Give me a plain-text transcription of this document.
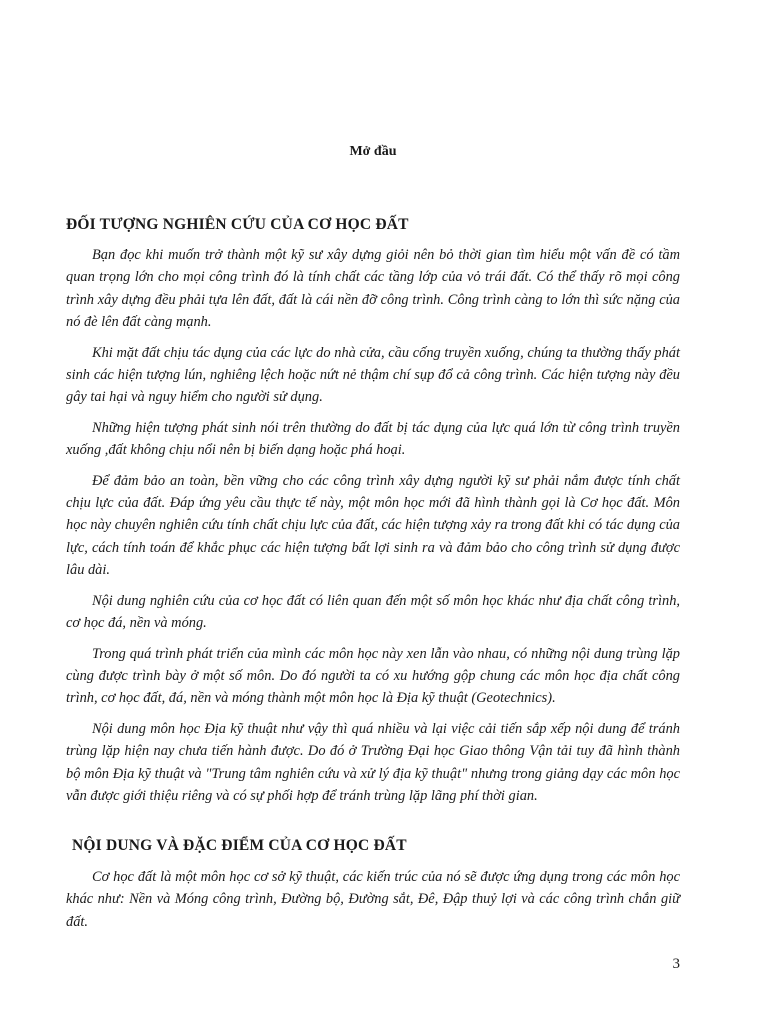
Mở đầu
ĐỐI TƯỢNG NGHIÊN CỨU CỦA CƠ HỌC ĐẤT

Bạn đọc khi muốn trở thành một kỹ sư xây dựng giỏi nên bỏ thời gian tìm hiểu một vấn đề có tầm quan trọng lớn cho mọi công trình đó là tính chất các tầng lớp của vỏ trái đất. Có thể thấy rõ mọi công trình xây dựng đều phải tựa lên đất, đất là cái nền đỡ công trình. Công trình càng to lớn thì sức nặng của nó đè lên đất càng mạnh.

Khi mặt đất chịu tác dụng của các lực do nhà cửa, cầu cống truyền xuống, chúng ta thường thấy phát sinh các hiện tượng lún, nghiêng lệch hoặc nứt nẻ thậm chí sụp đổ cả công trình. Các hiện tượng này đều gây tai hại và nguy hiểm cho người sử dụng.

Những hiện tượng phát sinh nói trên thường do đất bị tác dụng của lực quá lớn từ công trình truyền xuống ,đất không chịu nổi nên bị biến dạng hoặc phá hoại.

Để đảm bảo an toàn, bền vững cho các công trình xây dựng người kỹ sư phải nắm được tính chất chịu lực của đất. Đáp ứng yêu cầu thực tế này, một môn học mới đã hình thành gọi là Cơ học đất. Môn học này chuyên nghiên cứu tính chất chịu lực của đất, các hiện tượng xảy ra trong đất khi có tác dụng của lực, cách tính toán để khắc phục các hiện tượng bất lợi sinh ra và đảm bảo cho công trình sử dụng được lâu dài.

Nội dung nghiên cứu của cơ học đất có liên quan đến một số môn học khác như địa chất công trình, cơ học đá, nền và móng.

Trong quá trình phát triển của mình các môn học này xen lẫn vào nhau, có những nội dung trùng lặp cùng được trình bày ở một số môn. Do đó người ta có xu hướng gộp chung các môn học địa chất công trình, cơ học đất, đá, nền và móng thành một môn học là Địa kỹ thuật (Geotechnics).

Nội dung môn học Địa kỹ thuật như vậy thì quá nhiều và lại việc cải tiến sắp xếp nội dung để tránh trùng lặp hiện nay chưa tiến hành được. Do đó ở Trường Đại học Giao thông Vận tải tuy đã hình thành bộ môn Địa kỹ thuật và "Trung tâm nghiên cứu và xử lý địa kỹ thuật" nhưng trong giảng dạy các môn học vẫn được giới thiệu riêng và có sự phối hợp để tránh trùng lặp lãng phí thời gian.

NỘI DUNG VÀ ĐẶC ĐIỂM CỦA CƠ HỌC ĐẤT

Cơ học đất là một môn học cơ sở kỹ thuật, các kiến trúc của nó sẽ được ứng dụng trong các môn học khác như: Nền và Móng công trình, Đường bộ, Đường sắt, Đê, Đập thuỷ lợi và các công trình chắn giữ đất.

3
